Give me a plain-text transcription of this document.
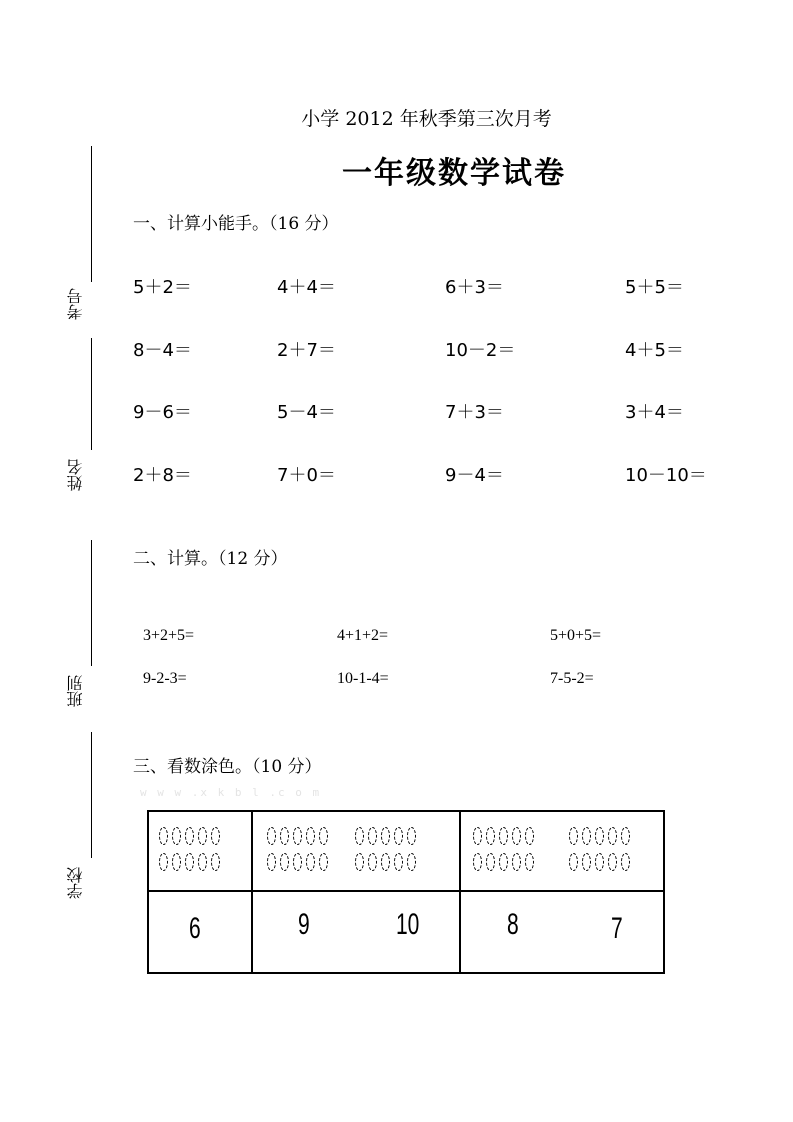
小学 2012 年秋季第三次月考
一年级数学试卷
考号
姓名
班别
学校
一、计算小能手。（16 分）
5＋2＝	4＋4＝	6＋3＝	5＋5＝
8－4＝	2＋7＝	10－2＝	4＋5＝
9－6＝	5－4＝	7＋3＝	3＋4＝
2＋8＝	7＋0＝	9－4＝	10－10＝
二、计算。（12 分）
3+2+5=	4+1+2=	5+0+5=
9-2-3=	10-1-4=	7-5-2=
三、看数涂色。（10 分）
w w w .x k b l .c o m

6	9 10	8 7
